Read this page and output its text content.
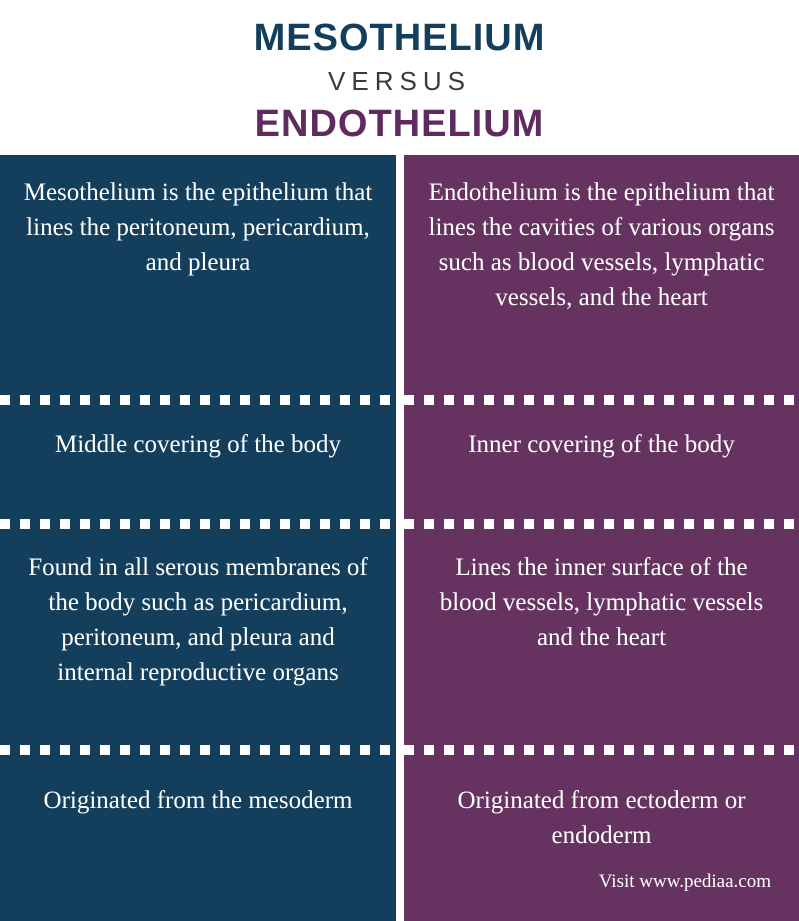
MESOTHELIUM
VERSUS
ENDOTHELIUM
Mesothelium is the epithelium that lines the peritoneum, pericardium, and pleura
Middle covering of the body
Found in all serous membranes of the body such as pericardium, peritoneum, and pleura and internal reproductive organs
Originated from the mesoderm
Endothelium is the epithelium that lines the cavities of various organs such as blood vessels, lymphatic vessels, and the heart
Inner covering of the body
Lines the inner surface of the blood vessels, lymphatic vessels and the heart
Originated from ectoderm or endoderm
Visit www.pediaa.com
